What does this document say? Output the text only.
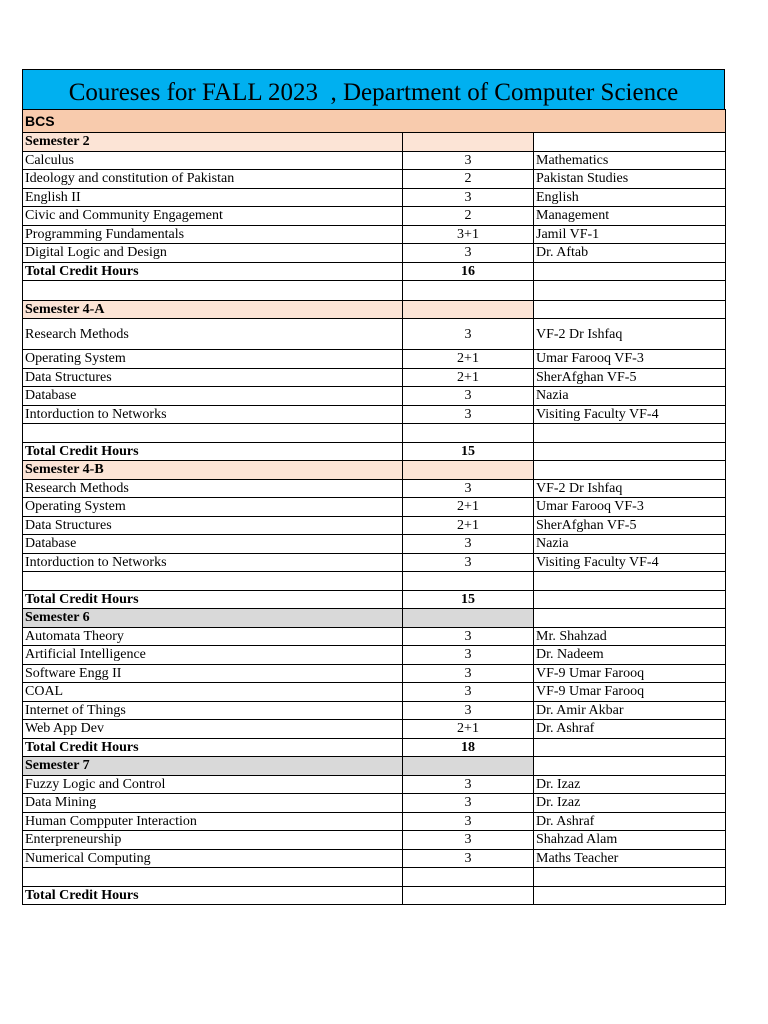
Coureses for FALL 2023  , Department of Computer Science
BCS		
Semester 2		
Calculus	3	Mathematics
Ideology and constitution of Pakistan	2	Pakistan Studies
English II	3	English
Civic and Community Engagement	2	Management
Programming Fundamentals	3+1	Jamil VF-1
Digital Logic and Design	3	Dr. Aftab
Total Credit Hours	16	

Semester 4-A		
Research Methods	3	VF-2 Dr Ishfaq
Operating System	2+1	Umar Farooq VF-3
Data Structures	2+1	SherAfghan VF-5
Database	3	Nazia
Intorduction to Networks	3	Visiting Faculty VF-4

Total Credit Hours	15	
Semester 4-B		
Research Methods	3	VF-2 Dr Ishfaq
Operating System	2+1	Umar Farooq VF-3
Data Structures	2+1	SherAfghan VF-5
Database	3	Nazia
Intorduction to Networks	3	Visiting Faculty VF-4

Total Credit Hours	15	
Semester 6		
Automata Theory	3	Mr. Shahzad
Artificial Intelligence	3	Dr. Nadeem
Software Engg II	3	VF-9 Umar Farooq
COAL	3	VF-9 Umar Farooq
Internet of Things	3	Dr. Amir Akbar
Web App Dev	2+1	Dr. Ashraf
Total Credit Hours	18	
Semester 7		
Fuzzy Logic and Control	3	Dr. Izaz
Data Mining	3	Dr. Izaz
Human Compputer Interaction	3	Dr. Ashraf
Enterpreneurship	3	Shahzad Alam
Numerical Computing	3	Maths Teacher

Total Credit Hours		
